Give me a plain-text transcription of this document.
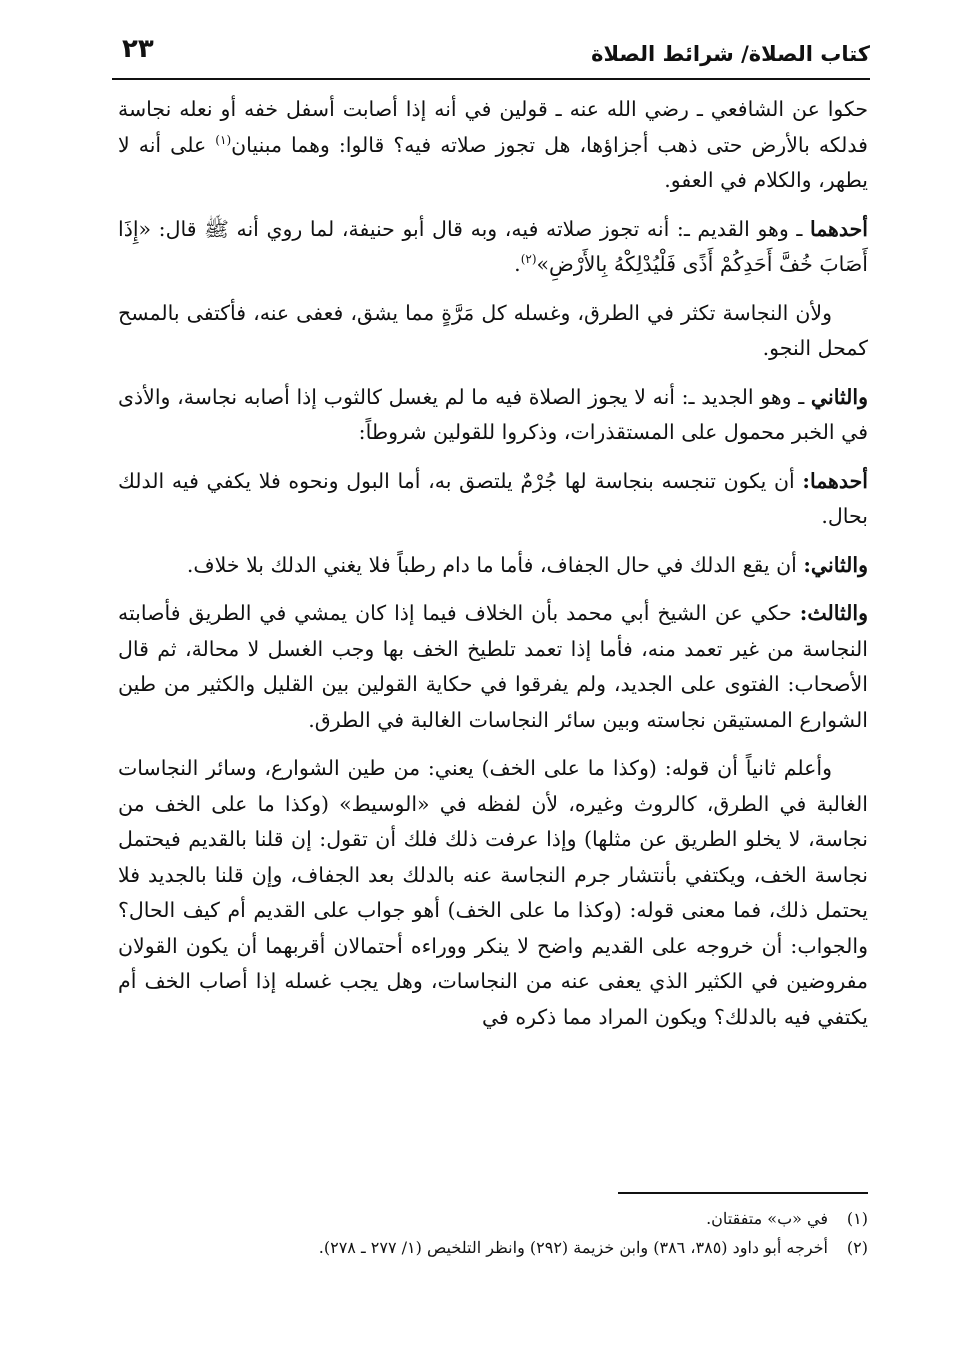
كتاب الصلاة/ شرائط الصلاة
٢٣

حكوا عن الشافعي ـ رضي الله عنه ـ قولين في أنه إذا أصابت أسفل خفه أو نعله نجاسة فدلكه بالأرض حتى ذهب أجزاؤها، هل تجوز صلاته فيه؟ قالوا: وهما مبنيان$^{(١)}$ على أنه لا يطهر، والكلام في العفو.

أحدهما ـ وهو القديم ـ: أنه تجوز صلاته فيه، وبه قال أبو حنيفة، لما روي أنه ﷺ قال: «إِذَا أَصَابَ خُفَّ أَحَدِكُمْ أَذًى فَلْيُدْلِكْهُ بِالأَرْضِ»$^{(٢)}$.

ولأن النجاسة تكثر في الطرق، وغسله كل مَرَّةٍ مما يشق، فعفى عنه، فأكتفى بالمسح كمحل النجو.

والثاني ـ وهو الجديد ـ: أنه لا يجوز الصلاة فيه ما لم يغسل كالثوب إذا أصابه نجاسة، والأذى في الخبر محمول على المستقذرات، وذكروا للقولين شروطاً:

أحدهما: أن يكون تنجسه بنجاسة لها جُرْمٌ يلتصق به، أما البول ونحوه فلا يكفي فيه الدلك بحال.

والثاني: أن يقع الدلك في حال الجفاف، فأما ما دام رطباً فلا يغني الدلك بلا خلاف.

والثالث: حكي عن الشيخ أبي محمد بأن الخلاف فيما إذا كان يمشي في الطريق فأصابته النجاسة من غير تعمد منه، فأما إذا تعمد تلطيخ الخف بها وجب الغسل لا محالة، ثم قال الأصحاب: الفتوى على الجديد، ولم يفرقوا في حكاية القولين بين القليل والكثير من طين الشوارع المستيقن نجاسته وبين سائر النجاسات الغالبة في الطرق.

وأعلم ثانياً أن قوله: (وكذا ما على الخف) يعني: من طين الشوارع، وسائر النجاسات الغالبة في الطرق، كالروث وغيره، لأن لفظه في «الوسيط» (وكذا ما على الخف من نجاسة، لا يخلو الطريق عن مثلها) وإذا عرفت ذلك فلك أن تقول: إن قلنا بالقديم فيحتمل نجاسة الخف، ويكتفي بأنتشار جرم النجاسة عنه بالدلك بعد الجفاف، وإن قلنا بالجديد فلا يحتمل ذلك، فما معنى قوله: (وكذا ما على الخف) أهو جواب على القديم أم كيف الحال؟ والجواب: أن خروجه على القديم واضح لا ينكر ووراءه أحتمالان أقربهما أن يكون القولان مفروضين في الكثير الذي يعفى عنه من النجاسات، وهل يجب غسله إذا أصاب الخف أم يكتفي فيه بالدلك؟ ويكون المراد مما ذكره في

(١)في «ب» متفقتان.
(٢)أخرجه أبو داود (٣٨٥، ٣٨٦) وابن خزيمة (٢٩٢) وانظر التلخيص (١/ ٢٧٧ ـ ٢٧٨).
